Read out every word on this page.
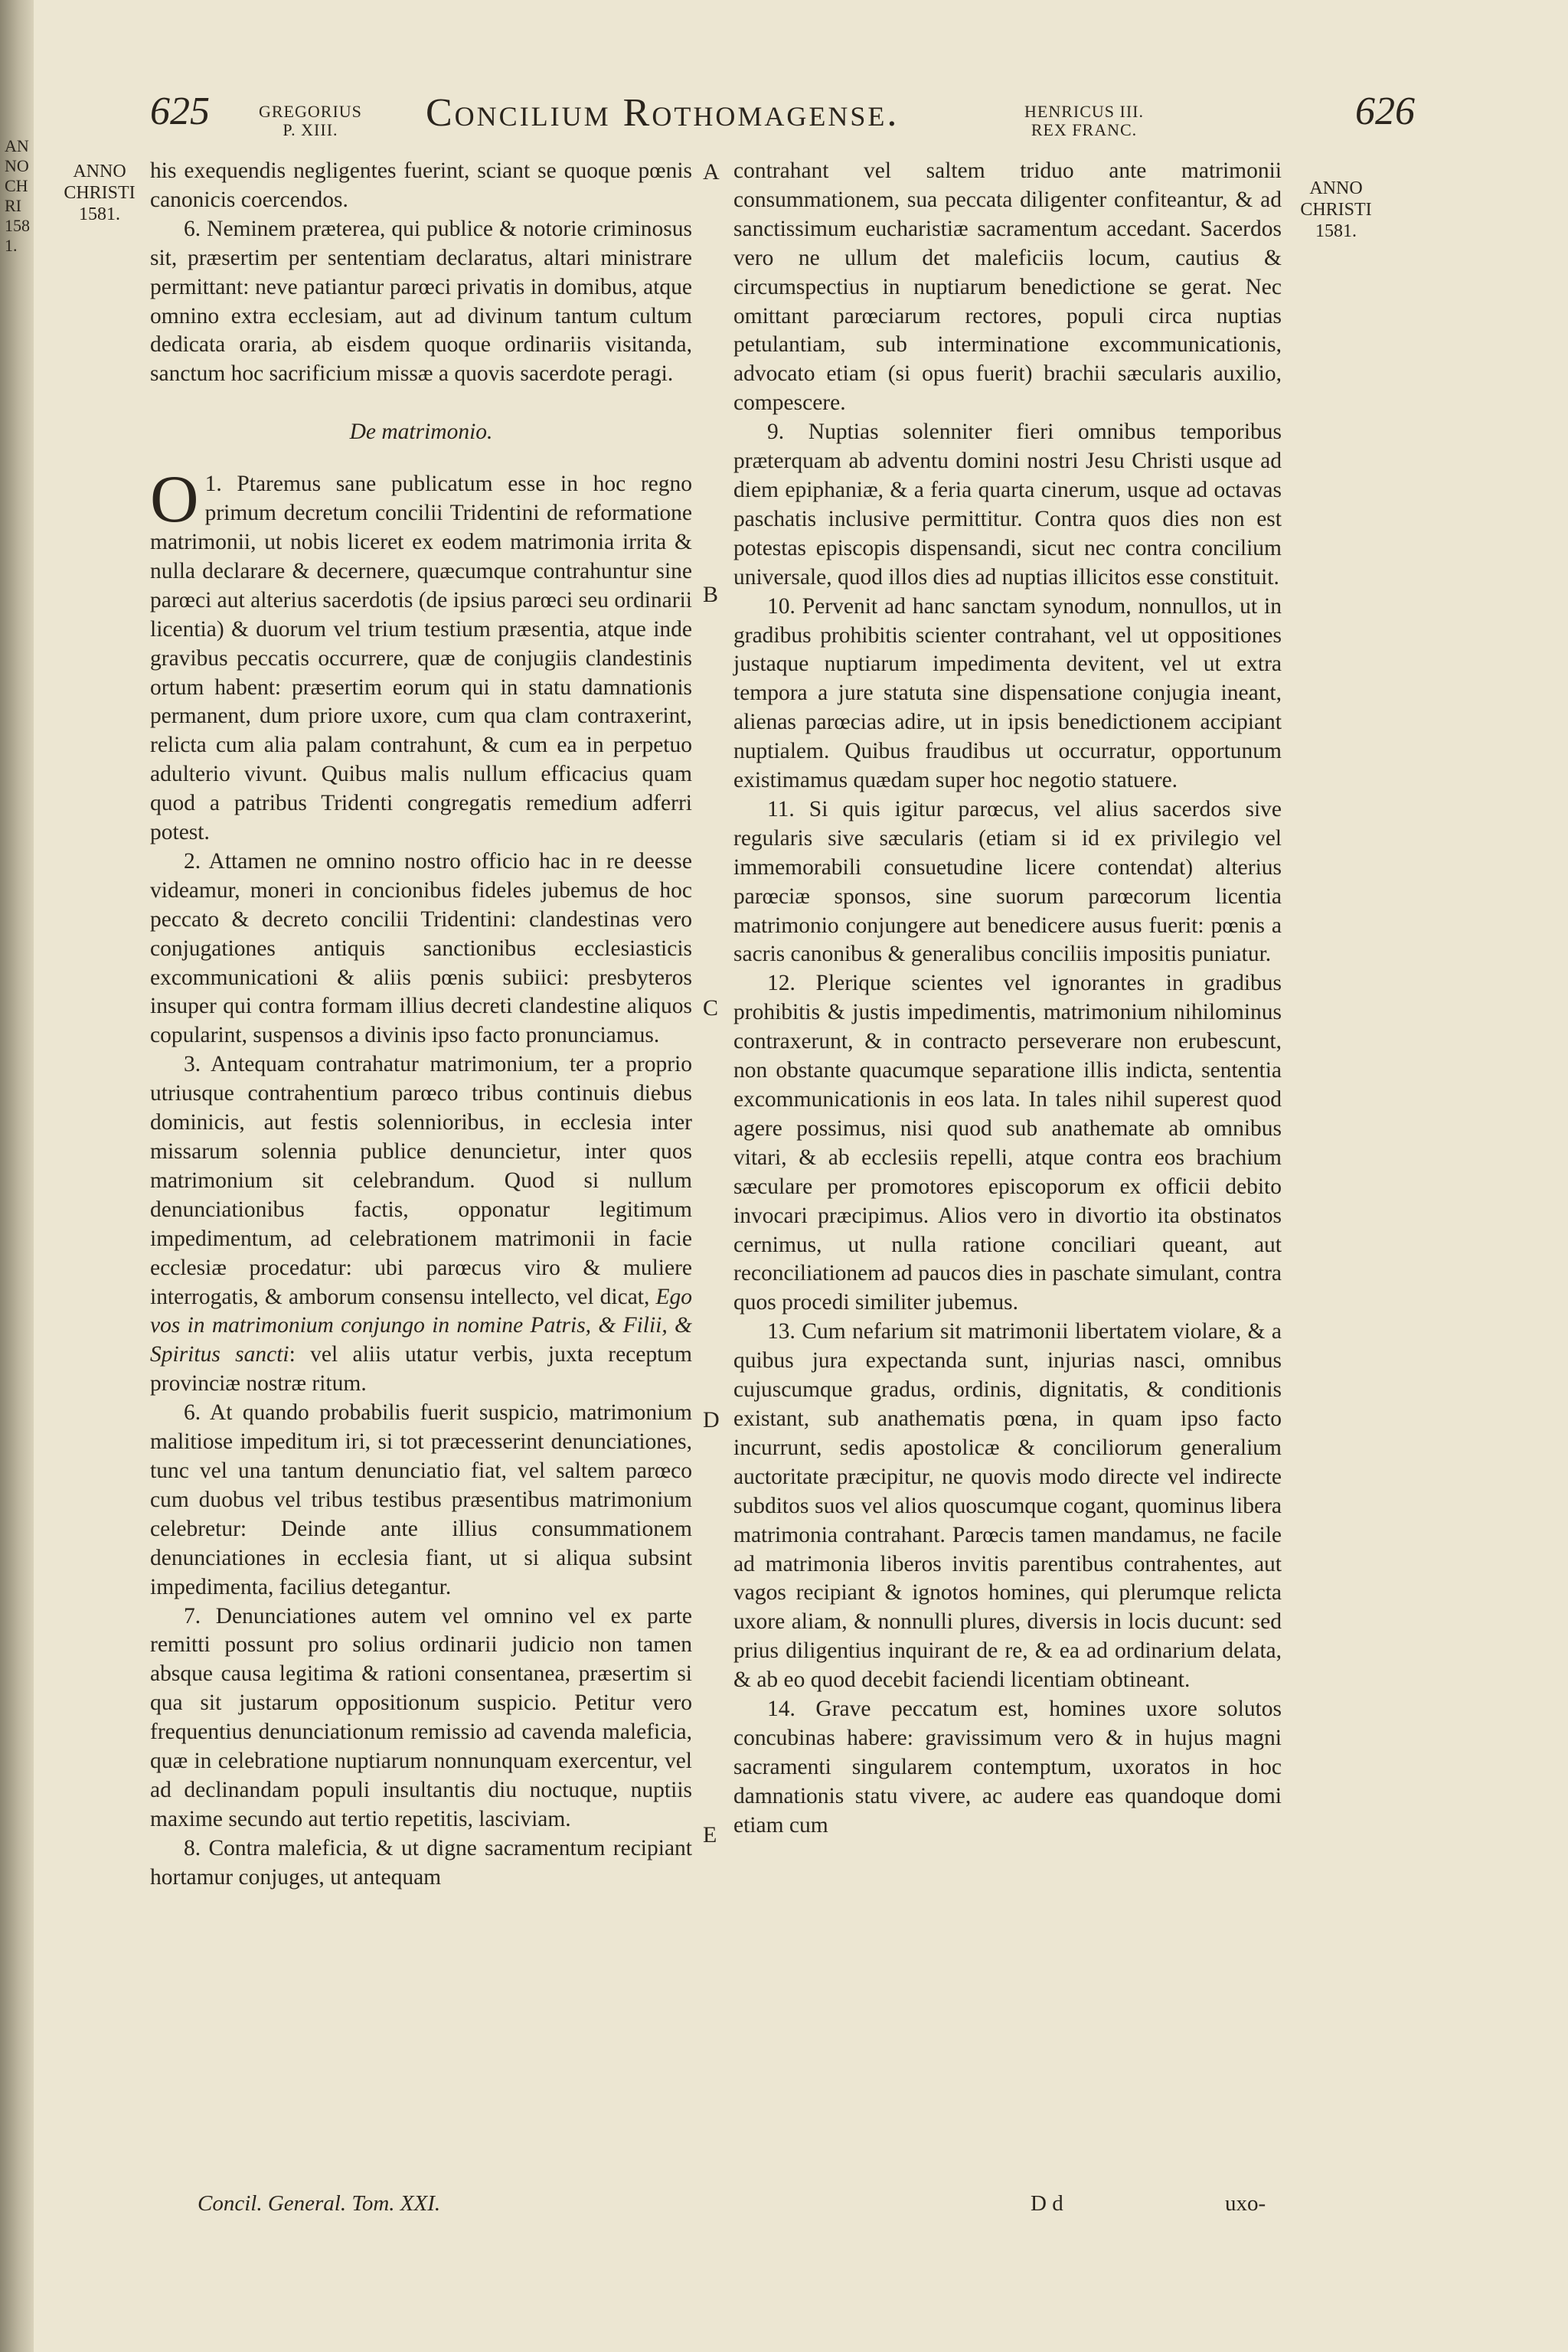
ANNO CHRI 1581.
625	GREGORIUS
P. XIII.	Concilium Rothomagense.	HENRICUS III.
REX FRANC.	626
ANNO
CHRISTI
1581.
ANNO
CHRISTI
1581.
A
B
C
D
E

his exequendis negligentes fuerint, sciant se quoque pœnis canonicis coercendos.

6. Neminem præterea, qui publice & notorie criminosus sit, præsertim per sententiam declaratus, altari ministrare permittant: neve patiantur parœci privatis in domibus, atque omnino extra ecclesiam, aut ad divinum tantum cultum dedicata oraria, ab eisdem quoque ordinariis visitanda, sanctum hoc sacrificium missæ a quovis sacerdote peragi.

De matrimonio.

1.
O Ptaremus sane publicatum esse in hoc regno primum decretum concilii Tridentini de reformatione matrimonii, ut nobis liceret ex eodem matrimonia irrita & nulla declarare & decernere, quæcumque contrahuntur sine parœci aut alterius sacerdotis (de ipsius parœci seu ordinarii licentia) & duorum vel trium testium præsentia, atque inde gravibus peccatis occurrere, quæ de conjugiis clandestinis ortum habent: præsertim eorum qui in statu damnationis permanent, dum priore uxore, cum qua clam contraxerint, relicta cum alia palam contrahunt, & cum ea in perpetuo adulterio vivunt. Quibus malis nullum efficacius quam quod a patribus Tridenti congregatis remedium adferri potest.

2. Attamen ne omnino nostro officio hac in re deesse videamur, moneri in concionibus fideles jubemus de hoc peccato & decreto concilii Tridentini: clandestinas vero conjugationes antiquis sanctionibus ecclesiasticis excommunicationi & aliis pœnis subiici: presbyteros insuper qui contra formam illius decreti clandestine aliquos copularint, suspensos a divinis ipso facto pronunciamus.

3. Antequam contrahatur matrimonium, ter a proprio utriusque contrahentium parœco tribus continuis diebus dominicis, aut festis solennioribus, in ecclesia inter missarum solennia publice denuncietur, inter quos matrimonium sit celebrandum. Quod si nullum denunciationibus factis, opponatur legitimum impedimentum, ad celebrationem matrimonii in facie ecclesiæ procedatur: ubi parœcus viro & muliere interrogatis, & amborum consensu intellecto, vel dicat, Ego vos in matrimonium conjungo in nomine Patris, & Filii, & Spiritus sancti: vel aliis utatur verbis, juxta receptum provinciæ nostræ ritum.

6. At quando probabilis fuerit suspicio, matrimonium malitiose impeditum iri, si tot præcesserint denunciationes, tunc vel una tantum denunciatio fiat, vel saltem parœco cum duobus vel tribus testibus præsentibus matrimonium celebretur: Deinde ante illius consummationem denunciationes in ecclesia fiant, ut si aliqua subsint impedimenta, facilius detegantur.

7. Denunciationes autem vel omnino vel ex parte remitti possunt pro solius ordinarii judicio non tamen absque causa legitima & rationi consentanea, præsertim si qua sit justarum oppositionum suspicio. Petitur vero frequentius denunciationum remissio ad cavenda maleficia, quæ in celebratione nuptiarum nonnunquam exercentur, vel ad declinandam populi insultantis diu noctuque, nuptiis maxime secundo aut tertio repetitis, lasciviam.

8. Contra maleficia, & ut digne sacramentum recipiant hortamur conjuges, ut antequam

contrahant vel saltem triduo ante matrimonii consummationem, sua peccata diligenter confiteantur, & ad sanctissimum eucharistiæ sacramentum accedant. Sacerdos vero ne ullum det maleficiis locum, cautius & circumspectius in nuptiarum benedictione se gerat. Nec omittant parœciarum rectores, populi circa nuptias petulantiam, sub interminatione excommunicationis, advocato etiam (si opus fuerit) brachii sæcularis auxilio, compescere.

9. Nuptias solenniter fieri omnibus temporibus præterquam ab adventu domini nostri Jesu Christi usque ad diem epiphaniæ, & a feria quarta cinerum, usque ad octavas paschatis inclusive permittitur. Contra quos dies non est potestas episcopis dispensandi, sicut nec contra concilium universale, quod illos dies ad nuptias illicitos esse constituit.

10. Pervenit ad hanc sanctam synodum, nonnullos, ut in gradibus prohibitis scienter contrahant, vel ut oppositiones justaque nuptiarum impedimenta devitent, vel ut extra tempora a jure statuta sine dispensatione conjugia ineant, alienas parœcias adire, ut in ipsis benedictionem accipiant nuptialem. Quibus fraudibus ut occurratur, opportunum existimamus quædam super hoc negotio statuere.

11. Si quis igitur parœcus, vel alius sacerdos sive regularis sive sæcularis (etiam si id ex privilegio vel immemorabili consuetudine licere contendat) alterius parœciæ sponsos, sine suorum parœcorum licentia matrimonio conjungere aut benedicere ausus fuerit: pœnis a sacris canonibus & generalibus conciliis impositis puniatur.

12. Plerique scientes vel ignorantes in gradibus prohibitis & justis impedimentis, matrimonium nihilominus contraxerunt, & in contracto perseverare non erubescunt, non obstante quacumque separatione illis indicta, sententia excommunicationis in eos lata. In tales nihil superest quod agere possimus, nisi quod sub anathemate ab omnibus vitari, & ab ecclesiis repelli, atque contra eos brachium sæculare per promotores episcoporum ex officii debito invocari præcipimus. Alios vero in divortio ita obstinatos cernimus, ut nulla ratione conciliari queant, aut reconciliationem ad paucos dies in paschate simulant, contra quos procedi similiter jubemus.

13. Cum nefarium sit matrimonii libertatem violare, & a quibus jura expectanda sunt, injurias nasci, omnibus cujuscumque gradus, ordinis, dignitatis, & conditionis existant, sub anathematis pœna, in quam ipso facto incurrunt, sedis apostolicæ & conciliorum generalium auctoritate præcipitur, ne quovis modo directe vel indirecte subditos suos vel alios quoscumque cogant, quominus libera matrimonia contrahant. Parœcis tamen mandamus, ne facile ad matrimonia liberos invitis parentibus contrahentes, aut vagos recipiant & ignotos homines, qui plerumque relicta uxore aliam, & nonnulli plures, diversis in locis ducunt: sed prius diligentius inquirant de re, & ea ad ordinarium delata, & ab eo quod decebit faciendi licentiam obtineant.

14. Grave peccatum est, homines uxore solutos concubinas habere: gravissimum vero & in hujus magni sacramenti singularem contemptum, uxoratos in hoc damnationis statu vivere, ac audere eas quandoque domi etiam cum

Concil. General. Tom. XXI.	D d	uxo-
